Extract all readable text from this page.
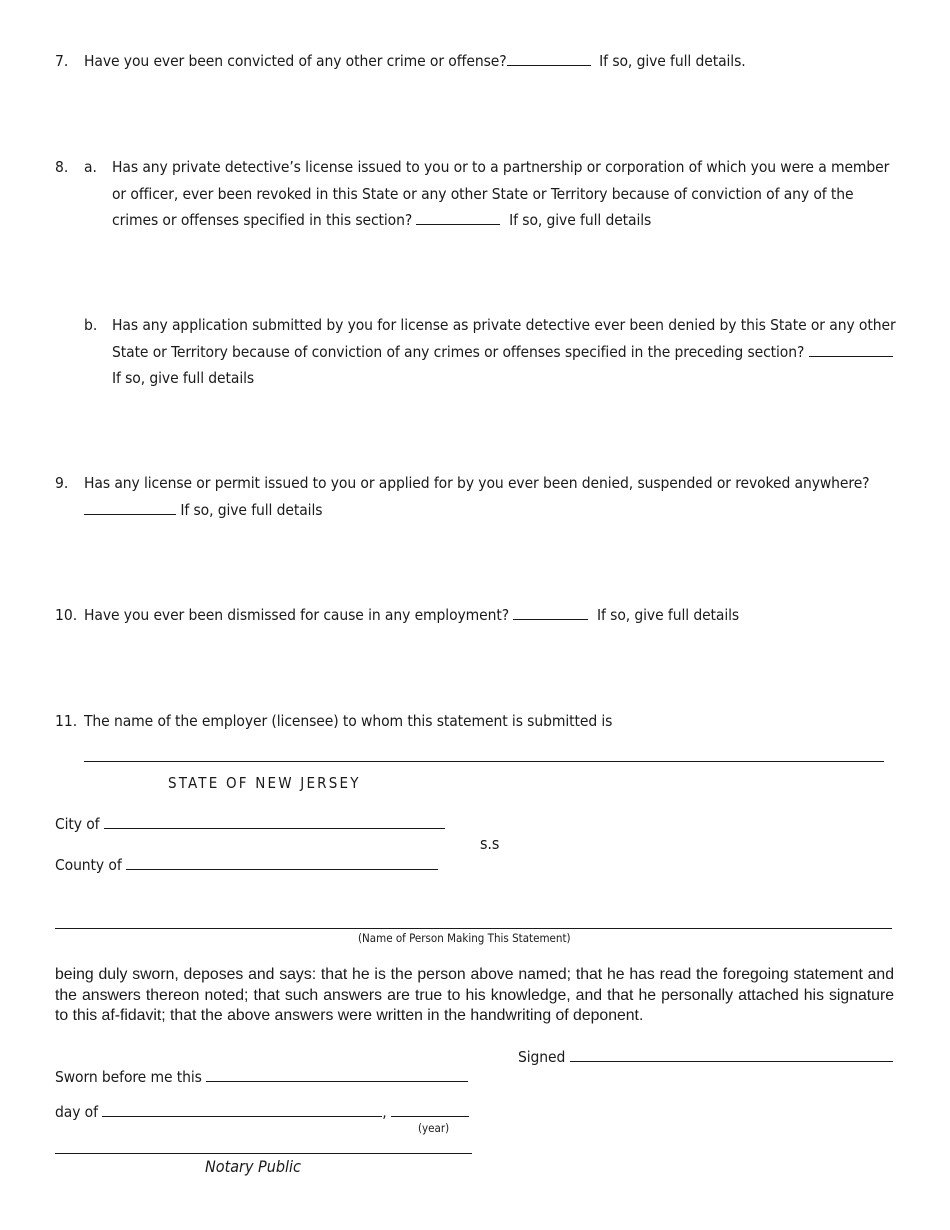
7. Have you ever been convicted of any other crime or offense?	If so, give full details.
8. a. Has any private detective’s license issued to you or to a partnership or corporation of which you were a member
or officer, ever been revoked in this State or any other State or Territory because of conviction of any of the
crimes or offenses specified in this section?	If so, give full details
b. Has any application submitted by you for license as private detective ever been denied by this State or any other
State or Territory because of conviction of any crimes or offenses specified in the preceding section?
If so, give full details
9. Has any license or permit issued to you or applied for by you ever been denied, suspended or revoked anywhere?
If so, give full details
10. Have you ever been dismissed for cause in any employment?	If so, give full details
11. The name of the employer (licensee) to whom this statement is submitted is
STATE OF NEW JERSEY
City of
s.s
County of
(Name of Person Making This Statement)
being duly sworn, deposes and says: that he is the person above named; that he has read the foregoing statement and the answers thereon noted; that such answers are true to his knowledge, and that he personally attached his signature to this af-fidavit; that the above answers were written in the handwriting of deponent.
Signed
Sworn before me this
day of	,
(year)
Notary Public
